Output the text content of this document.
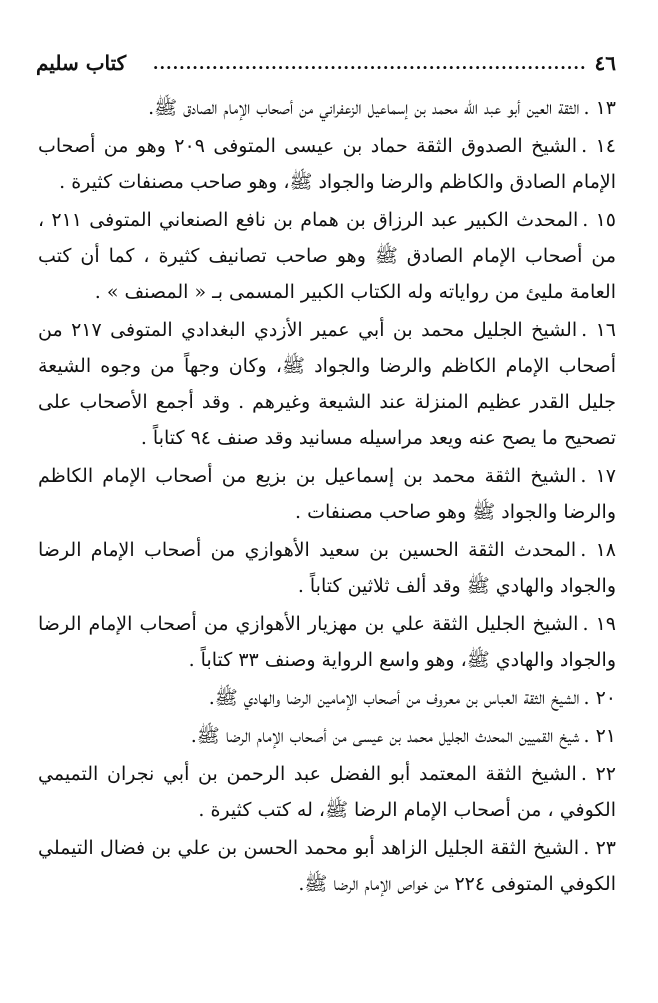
٤٦
..................................................................
كتاب سليم

١٣ .الثقة العين أبو عبد الله محمد بن إسماعيل الزعفراني من أصحاب الإمام الصادق ﷺ.

١٤ .الشيخ الصدوق الثقة حماد بن عيسى المتوفى ٢٠٩ وهو من أصحاب الإمام الصادق والكاظم والرضا والجواد ﷺ، وهو صاحب مصنفات كثيرة .

١٥ .المحدث الكبير عبد الرزاق بن همام بن نافع الصنعاني المتوفى ٢١١ ، من أصحاب الإمام الصادق ﷺ وهو صاحب تصانيف كثيرة ، كما أن كتب العامة مليئ من رواياته وله الكتاب الكبير المسمى بـ « المصنف » .

١٦ .الشيخ الجليل محمد بن أبي عمير الأزدي البغدادي المتوفى ٢١٧ من أصحاب الإمام الكاظم والرضا والجواد ﷺ، وكان وجهاً من وجوه الشيعة جليل القدر عظيم المنزلة عند الشيعة وغيرهم . وقد أجمع الأصحاب على تصحيح ما يصح عنه ويعد مراسيله مسانيد وقد صنف ٩٤ كتاباً .

١٧ .الشيخ الثقة محمد بن إسماعيل بن بزيع من أصحاب الإمام الكاظم والرضا والجواد ﷺ وهو صاحب مصنفات .

١٨ .المحدث الثقة الحسين بن سعيد الأهوازي من أصحاب الإمام الرضا والجواد والهادي ﷺ وقد ألف ثلاثين كتاباً .

١٩ .الشيخ الجليل الثقة علي بن مهزيار الأهوازي من أصحاب الإمام الرضا والجواد والهادي ﷺ، وهو واسع الرواية وصنف ٣٣ كتاباً .

٢٠ .الشيخ الثقة العباس بن معروف من أصحاب الإمامين الرضا والهادي ﷺ.

٢١ .شيخ القميين المحدث الجليل محمد بن عيسى من أصحاب الإمام الرضا ﷺ.

٢٢ .الشيخ الثقة المعتمد أبو الفضل عبد الرحمن بن أبي نجران التميمي الكوفي ، من أصحاب الإمام الرضا ﷺ، له كتب كثيرة .

٢٣ .الشيخ الثقة الجليل الزاهد أبو محمد الحسن بن علي بن فضال التيملي الكوفي المتوفى ٢٢٤ من خواص الإمام الرضا ﷺ.
